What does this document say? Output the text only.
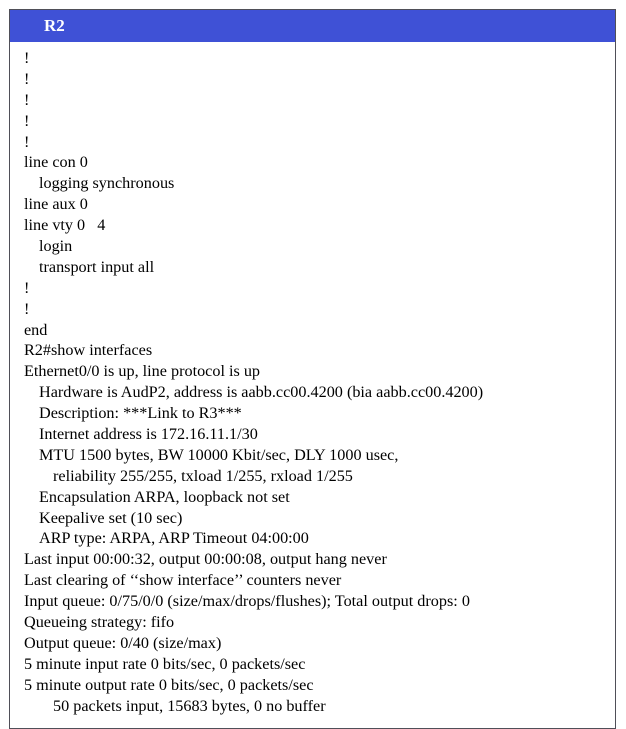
R2
!
!
!
!
!
line con 0
logging synchronous
line aux 0
line vty 0   4
login
transport input all
!
!
end
R2#show interfaces
Ethernet0/0 is up, line protocol is up
Hardware is AudP2, address is aabb.cc00.4200 (bia aabb.cc00.4200)
Description: ***Link to R3***
Internet address is 172.16.11.1/30
MTU 1500 bytes, BW 10000 Kbit/sec, DLY 1000 usec,
reliability 255/255, txload 1/255, rxload 1/255
Encapsulation ARPA, loopback not set
Keepalive set (10 sec)
ARP type: ARPA, ARP Timeout 04:00:00
Last input 00:00:32, output 00:00:08, output hang never
Last clearing of ‘‘show interface’’ counters never
Input queue: 0/75/0/0 (size/max/drops/flushes); Total output drops: 0
Queueing strategy: fifo
Output queue: 0/40 (size/max)
5 minute input rate 0 bits/sec, 0 packets/sec
5 minute output rate 0 bits/sec, 0 packets/sec
50 packets input, 15683 bytes, 0 no buffer
